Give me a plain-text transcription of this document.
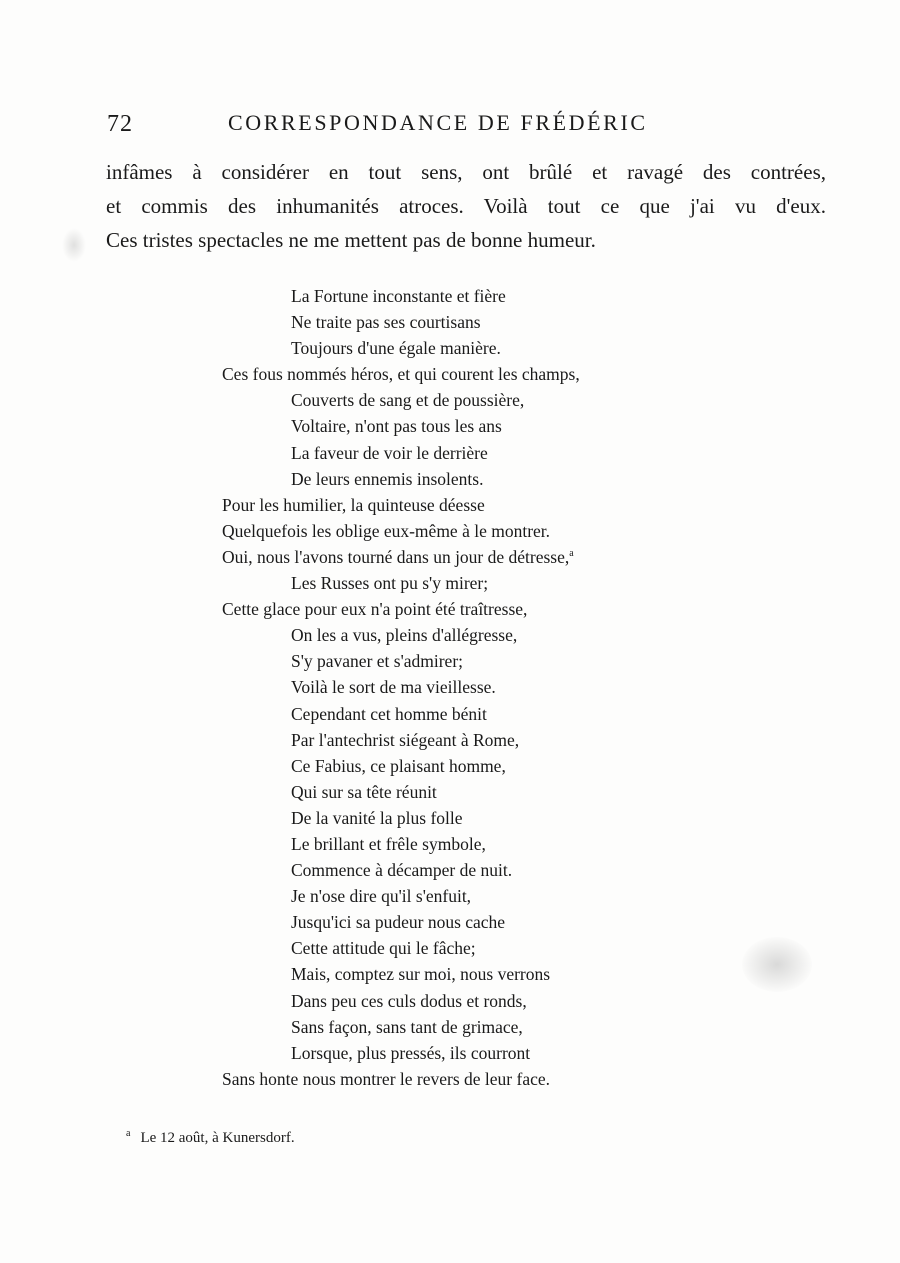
72	CORRESPONDANCE DE FRÉDÉRIC
infâmes à considérer en tout sens, ont brûlé et ravagé des contrées,
et commis des inhumanités atroces. Voilà tout ce que j'ai vu d'eux.
Ces tristes spectacles ne me mettent pas de bonne humeur.
La Fortune inconstante et fière
Ne traite pas ses courtisans
Toujours d'une égale manière.
Ces fous nommés héros, et qui courent les champs,
Couverts de sang et de poussière,
Voltaire, n'ont pas tous les ans
La faveur de voir le derrière
De leurs ennemis insolents.
Pour les humilier, la quinteuse déesse
Quelquefois les oblige eux-même à le montrer.
Oui, nous l'avons tourné dans un jour de détresse,$^a$
Les Russes ont pu s'y mirer;
Cette glace pour eux n'a point été traîtresse,
On les a vus, pleins d'allégresse,
S'y pavaner et s'admirer;
Voilà le sort de ma vieillesse.
Cependant cet homme bénit
Par l'antechrist siégeant à Rome,
Ce Fabius, ce plaisant homme,
Qui sur sa tête réunit
De la vanité la plus folle
Le brillant et frêle symbole,
Commence à décamper de nuit.
Je n'ose dire qu'il s'enfuit,
Jusqu'ici sa pudeur nous cache
Cette attitude qui le fâche;
Mais, comptez sur moi, nous verrons
Dans peu ces culs dodus et ronds,
Sans façon, sans tant de grimace,
Lorsque, plus pressés, ils courront
Sans honte nous montrer le revers de leur face.
$^a$ Le 12 août, à Kunersdorf.
